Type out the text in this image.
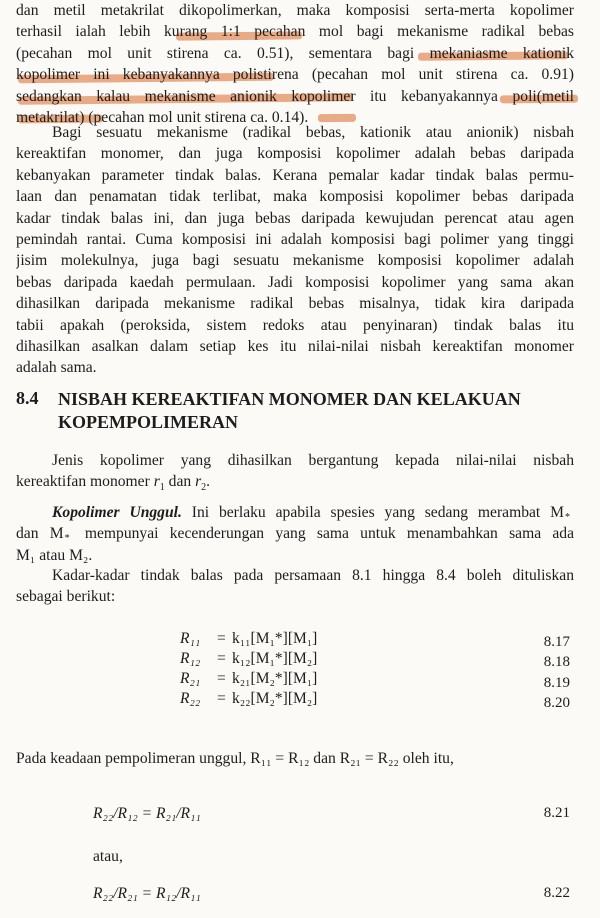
dan metil metakrilat dikopolimerkan, maka komposisi serta-merta kopolimer
terhasil ialah lebih kurang 1:1 pecahan mol bagi mekanisme radikal bebas
(pecahan mol unit stirena ca. 0.51), sementara bagi mekaniasme kationik
kopolimer ini kebanyakannya polistirena (pecahan mol unit stirena ca. 0.91)
sedangkan kalau mekanisme anionik kopolimer itu kebanyakannya poli(metil
metakrilat) (pecahan mol unit stirena ca. 0.14).
Bagi sesuatu mekanisme (radikal bebas, kationik atau anionik) nisbah
kereaktifan monomer, dan juga komposisi kopolimer adalah bebas daripada
kebanyakan parameter tindak balas. Kerana pemalar kadar tindak balas permu-
laan dan penamatan tidak terlibat, maka komposisi kopolimer bebas daripada
kadar tindak balas ini, dan juga bebas daripada kewujudan perencat atau agen
pemindah rantai. Cuma komposisi ini adalah komposisi bagi polimer yang tinggi
jisim molekulnya, juga bagi sesuatu mekanisme komposisi kopolimer adalah
bebas daripada kaedah permulaan. Jadi komposisi kopolimer yang sama akan
dihasilkan daripada mekanisme radikal bebas misalnya, tidak kira daripada
tabii apakah (peroksida, sistem redoks atau penyinaran) tindak balas itu
dihasilkan asalkan dalam setiap kes itu nilai-nilai nisbah kereaktifan monomer
adalah sama.
8.4 NISBAH KEREAKTIFAN MONOMER DAN KELAKUAN
KOPEMPOLIMERAN
Jenis kopolimer yang dihasilkan bergantung kepada nilai-nilai nisbah
kereaktifan monomer $r_1$ dan $r_2$.
Kopolimer Unggul. Ini berlaku apabila spesies yang sedang merambat M *
dan M * mempunyai kecenderungan yang sama untuk menambahkan sama ada
M₁ atau M₂.
Kadar-kadar tindak balas pada persamaan 8.1 hingga 8.4 boleh dituliskan
sebagai berikut:
R₁₁ = k₁₁[M₁*][M₁]	8.17
R₁₂ = k₁₂[M₁*][M₂]	8.18
R₂₁ = k₂₁[M₂*][M₁]	8.19
R₂₂ = k₂₂[M₂*][M₂]	8.20
Pada keadaan pempolimeran unggul, R₁₁ = R₁₂ dan R₂₁ = R₂₂ oleh itu,
R₂₂/R₁₂ = R₂₁/R₁₁	8.21
atau,
R₂₂/R₂₁ = R₁₂/R₁₁	8.22
